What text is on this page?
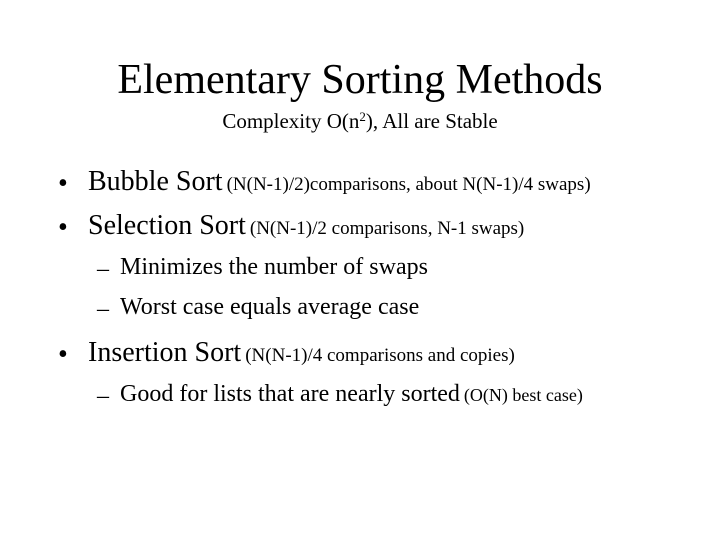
Elementary Sorting Methods
Complexity $O(n^2)$, All are Stable
• Bubble Sort (N(N-1)/2)comparisons, about N(N-1)/4 swaps)
• Selection Sort (N(N-1)/2 comparisons, N-1 swaps)
– Minimizes the number of swaps
– Worst case equals average case
• Insertion Sort (N(N-1)/4 comparisons and copies)
– Good for lists that are nearly sorted (O(N) best case)
